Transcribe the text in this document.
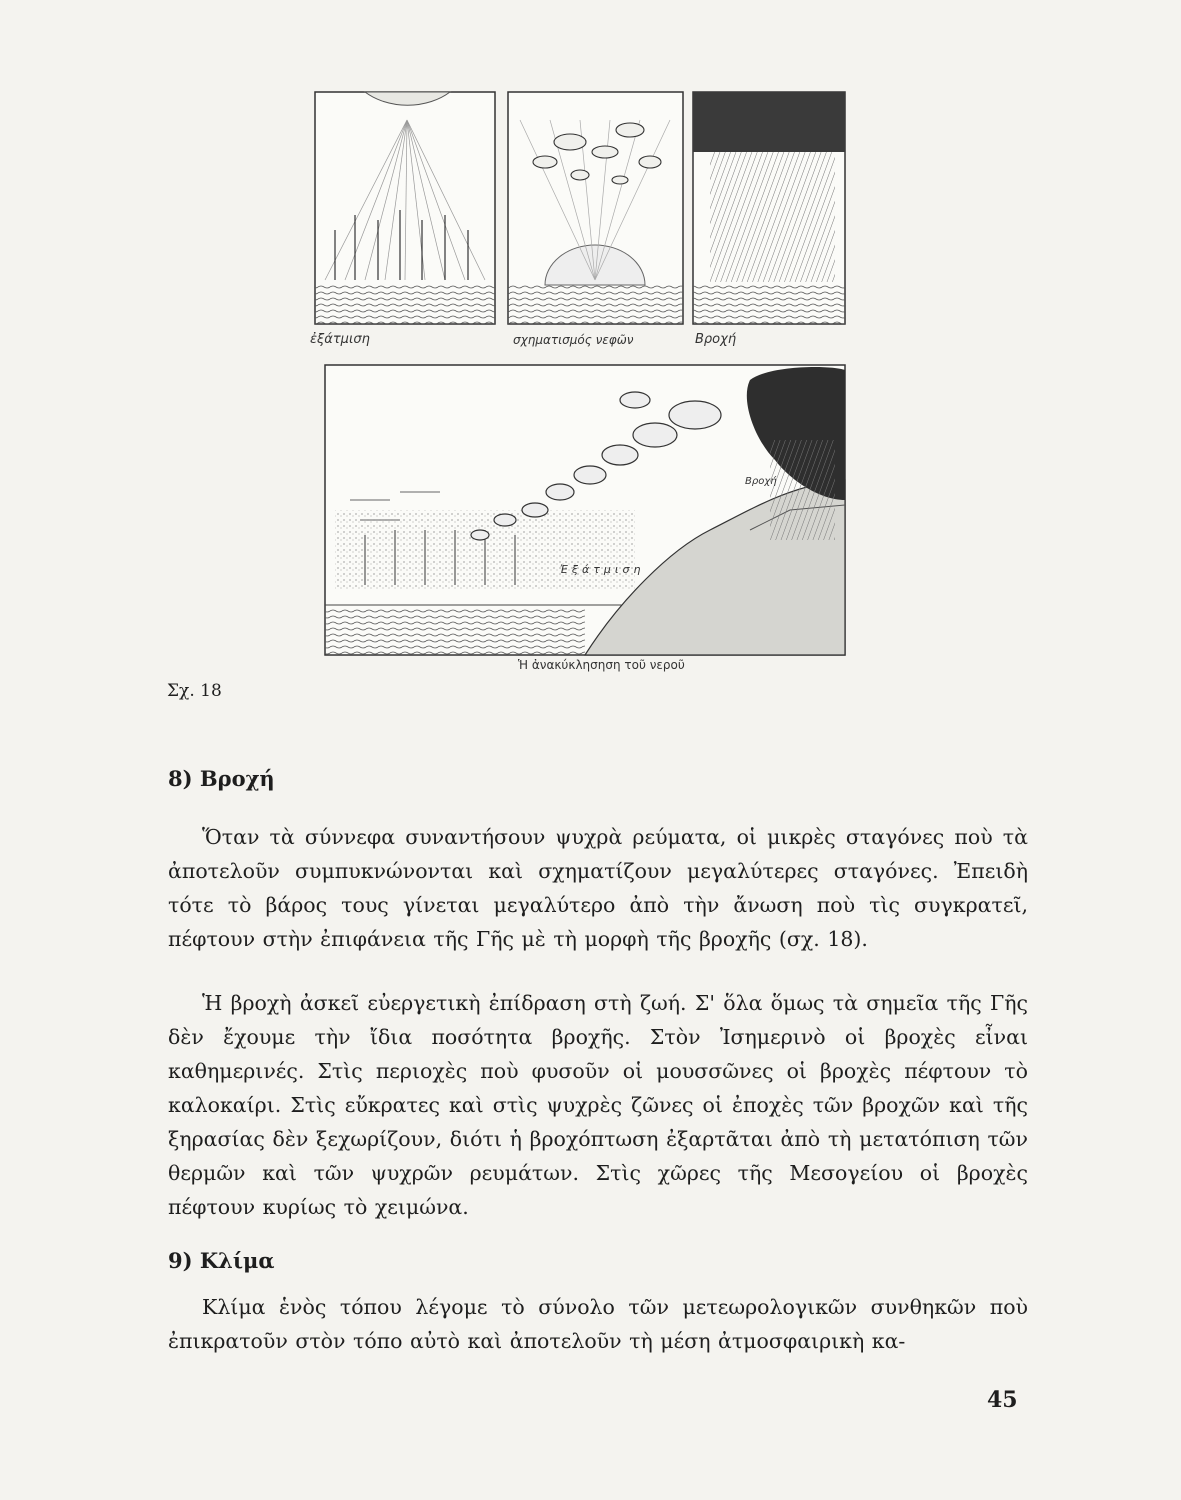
ἐξάτμιση	σχηματισμός νεφῶν	Βροχή
Ἐξάτμιση
Βροχή
Ἡ ἀνακύκλησηση τοῦ νεροῦ
Σχ. 18
8) Βροχή
Ὅταν τὰ σύννεφα συναντήσουν ψυχρὰ ρεύματα, οἱ μικρὲς σταγόνες ποὺ τὰ ἀποτελοῦν συμπυκνώνονται καὶ σχηματίζουν μεγαλύτερες σταγόνες. Ἐπειδὴ τότε τὸ βάρος τους γίνεται μεγαλύτερο ἀπὸ τὴν ἄνωση ποὺ τὶς συγκρατεῖ, πέφτουν στὴν ἐπιφάνεια τῆς Γῆς μὲ τὴ μορφὴ τῆς βροχῆς (σχ. 18).
Ἡ βροχὴ ἀσκεῖ εὐεργετικὴ ἐπίδραση στὴ ζωή. Σ' ὅλα ὅμως τὰ σημεῖα τῆς Γῆς δὲν ἔχουμε τὴν ἴδια ποσότητα βροχῆς. Στὸν Ἰσημερινὸ οἱ βροχὲς εἶναι καθημερινές. Στὶς περιοχὲς ποὺ φυσοῦν οἱ μουσσῶνες οἱ βροχὲς πέφτουν τὸ καλοκαίρι. Στὶς εὔκρατες καὶ στὶς ψυχρὲς ζῶνες οἱ ἐποχὲς τῶν βροχῶν καὶ τῆς ξηρασίας δὲν ξεχωρίζουν, διότι ἡ βροχόπτωση ἐξαρτᾶται ἀπὸ τὴ μετατόπιση τῶν θερμῶν καὶ τῶν ψυχρῶν ρευμάτων. Στὶς χῶρες τῆς Μεσογείου οἱ βροχὲς πέφτουν κυρίως τὸ χειμώνα.
9) Κλίμα
Κλίμα ἑνὸς τόπου λέγομε τὸ σύνολο τῶν μετεωρολογικῶν συνθηκῶν ποὺ ἐπικρατοῦν στὸν τόπο αὐτὸ καὶ ἀποτελοῦν τὴ μέση ἀτμοσφαιρικὴ κα-
45
